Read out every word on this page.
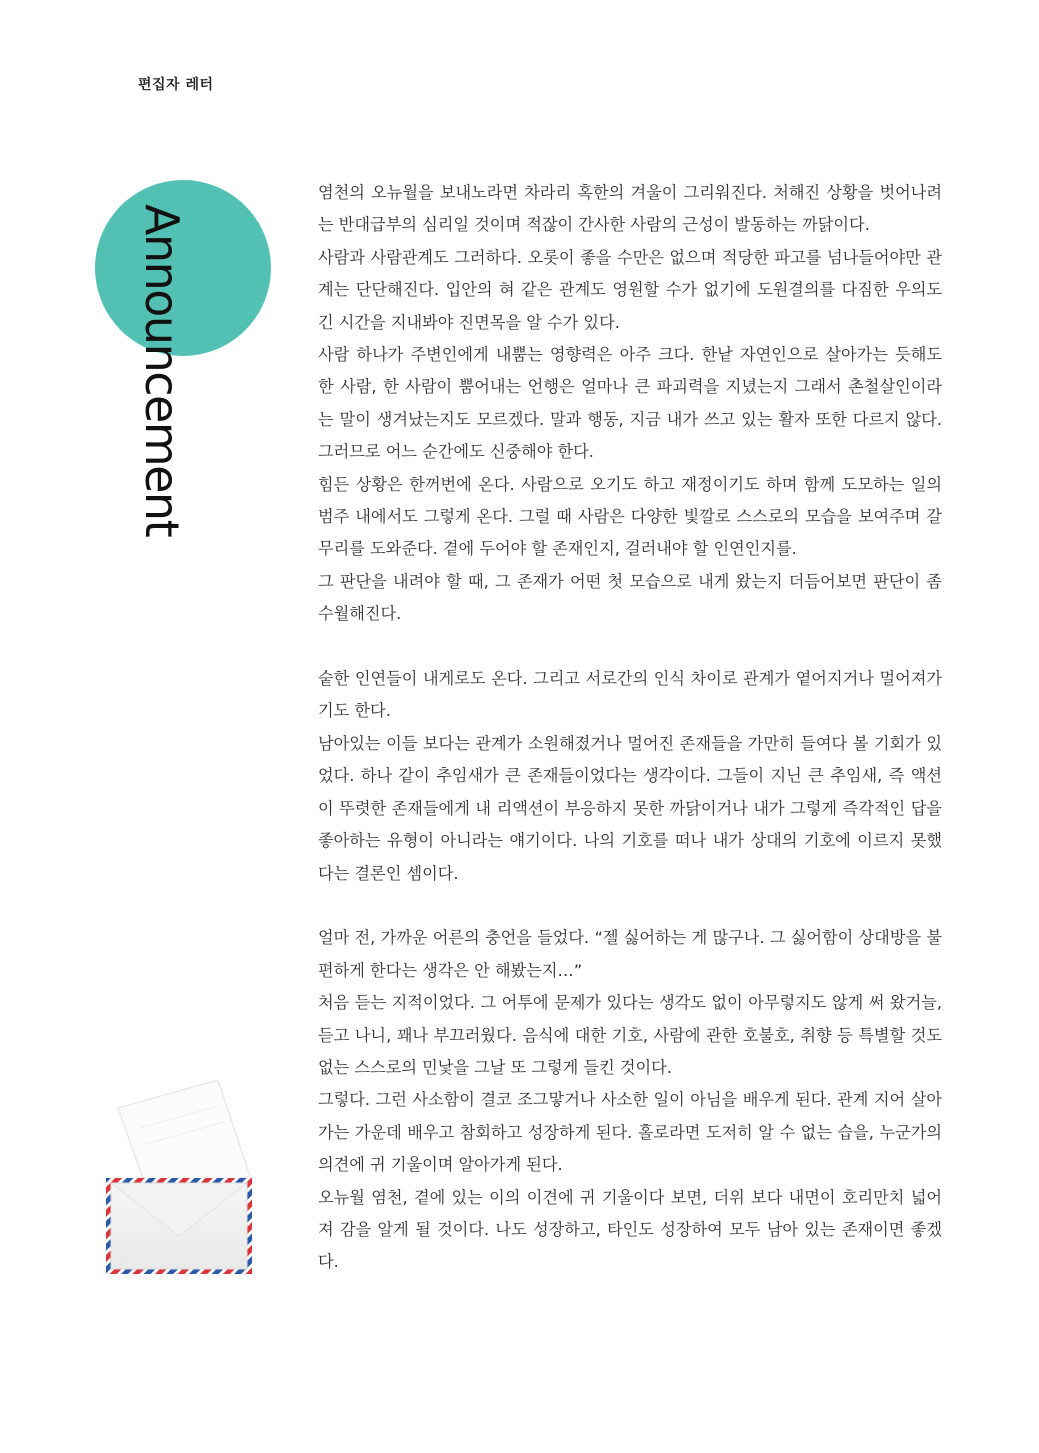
편집자 레터
Announcement

염천의 오뉴월을 보내노라면 차라리 혹한의 겨울이 그리워진다. 처해진 상황을 벗어나려는 반대급부의 심리일 것이며 적잖이 간사한 사람의 근성이 발동하는 까닭이다.

사람과 사람관계도 그러하다. 오롯이 좋을 수만은 없으며 적당한 파고를 넘나들어야만 관계는 단단해진다. 입안의 혀 같은 관계도 영원할 수가 없기에 도원결의를 다짐한 우의도 긴 시간을 지내봐야 진면목을 알 수가 있다.

사람 하나가 주변인에게 내뿜는 영향력은 아주 크다. 한낱 자연인으로 살아가는 듯해도 한 사람, 한 사람이 뿜어내는 언행은 얼마나 큰 파괴력을 지녔는지 그래서 촌철살인이라는 말이 생겨났는지도 모르겠다. 말과 행동, 지금 내가 쓰고 있는 활자 또한 다르지 않다. 그러므로 어느 순간에도 신중해야 한다.

힘든 상황은 한꺼번에 온다. 사람으로 오기도 하고 재정이기도 하며 함께 도모하는 일의 범주 내에서도 그렇게 온다. 그럴 때 사람은 다양한 빛깔로 스스로의 모습을 보여주며 갈무리를 도와준다. 곁에 두어야 할 존재인지, 걸러내야 할 인연인지를.

그 판단을 내려야 할 때, 그 존재가 어떤 첫 모습으로 내게 왔는지 더듬어보면 판단이 좀 수월해진다.

숱한 인연들이 내게로도 온다. 그리고 서로간의 인식 차이로 관계가 옅어지거나 멀어져가기도 한다.

남아있는 이들 보다는 관계가 소원해졌거나 멀어진 존재들을 가만히 들여다 볼 기회가 있었다. 하나 같이 추임새가 큰 존재들이었다는 생각이다. 그들이 지닌 큰 추임새, 즉 액션이 뚜렷한 존재들에게 내 리액션이 부응하지 못한 까닭이거나 내가 그렇게 즉각적인 답을 좋아하는 유형이 아니라는 얘기이다. 나의 기호를 떠나 내가 상대의 기호에 이르지 못했다는 결론인 셈이다.

얼마 전, 가까운 어른의 충언을 들었다. “젤 싫어하는 게 많구나. 그 싫어함이 상대방을 불편하게 한다는 생각은 안 해봤는지…”

처음 듣는 지적이었다. 그 어투에 문제가 있다는 생각도 없이 아무렇지도 않게 써 왔거늘, 듣고 나니, 꽤나 부끄러웠다. 음식에 대한 기호, 사람에 관한 호불호, 취향 등 특별할 것도 없는 스스로의 민낯을 그날 또 그렇게 들킨 것이다.

그렇다. 그런 사소함이 결코 조그맣거나 사소한 일이 아님을 배우게 된다. 관계 지어 살아가는 가운데 배우고 참회하고 성장하게 된다. 홀로라면 도저히 알 수 없는 습을, 누군가의 의견에 귀 기울이며 알아가게 된다.

오뉴월 염천, 곁에 있는 이의 이견에 귀 기울이다 보면, 더위 보다 내면이 호리만치 넓어져 감을 알게 될 것이다. 나도 성장하고, 타인도 성장하여 모두 남아 있는 존재이면 좋겠다.
